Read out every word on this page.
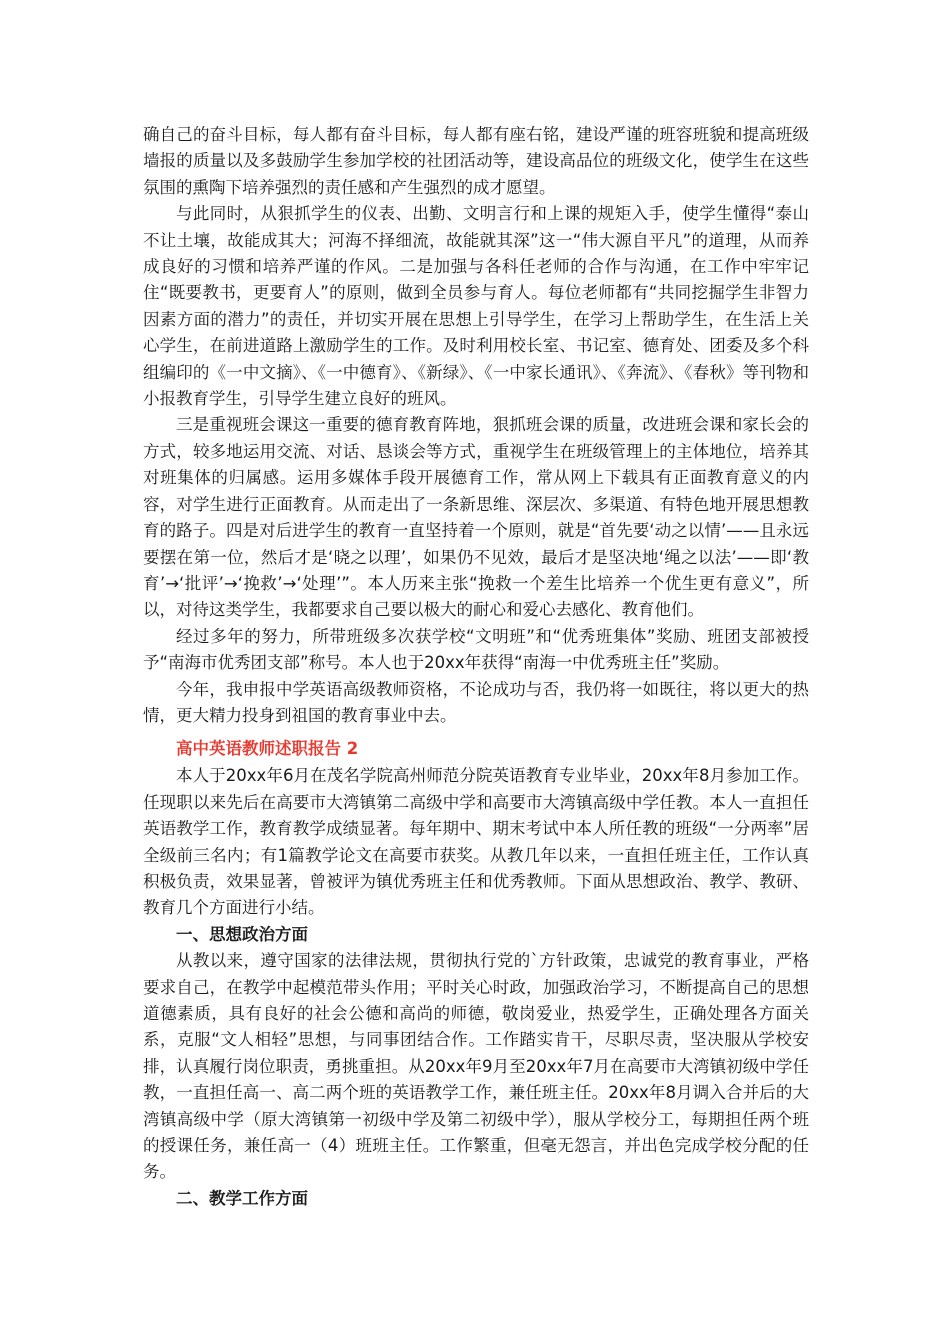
确自己的奋斗目标，每人都有奋斗目标，每人都有座右铭，建设严谨的班容班貌和提高班级墙报的质量以及多鼓励学生参加学校的社团活动等，建设高品位的班级文化，使学生在这些氛围的熏陶下培养强烈的责任感和产生强烈的成才愿望。

与此同时，从狠抓学生的仪表、出勤、文明言行和上课的规矩入手，使学生懂得“泰山不让土壤，故能成其大；河海不择细流，故能就其深”这一“伟大源自平凡”的道理，从而养成良好的习惯和培养严谨的作风。二是加强与各科任老师的合作与沟通，在工作中牢牢记住“既要教书，更要育人”的原则，做到全员参与育人。每位老师都有“共同挖掘学生非智力因素方面的潜力”的责任，并切实开展在思想上引导学生，在学习上帮助学生，在生活上关心学生，在前进道路上激励学生的工作。及时利用校长室、书记室、德育处、团委及多个科组编印的《一中文摘》、《一中德育》、《新绿》、《一中家长通讯》、《奔流》、《春秋》等刊物和小报教育学生，引导学生建立良好的班风。

三是重视班会课这一重要的德育教育阵地，狠抓班会课的质量，改进班会课和家长会的方式，较多地运用交流、对话、恳谈会等方式，重视学生在班级管理上的主体地位，培养其对班集体的归属感。运用多媒体手段开展德育工作，常从网上下载具有正面教育意义的内容，对学生进行正面教育。从而走出了一条新思维、深层次、多渠道、有特色地开展思想教育的路子。四是对后进学生的教育一直坚持着一个原则，就是“首先要‘动之以情’——且永远要摆在第一位，然后才是‘晓之以理’，如果仍不见效，最后才是坚决地‘绳之以法’——即‘教育’→‘批评’→‘挽救’→‘处理’”。本人历来主张“挽救一个差生比培养一个优生更有意义”，所以，对待这类学生，我都要求自己要以极大的耐心和爱心去感化、教育他们。

经过多年的努力，所带班级多次获学校“文明班”和“优秀班集体”奖励、班团支部被授予“南海市优秀团支部”称号。本人也于20xx年获得“南海一中优秀班主任”奖励。

今年，我申报中学英语高级教师资格，不论成功与否，我仍将一如既往，将以更大的热情，更大精力投身到祖国的教育事业中去。

高中英语教师述职报告 2

本人于20xx年6月在茂名学院高州师范分院英语教育专业毕业，20xx年8月参加工作。任现职以来先后在高要市大湾镇第二高级中学和高要市大湾镇高级中学任教。本人一直担任英语教学工作，教育教学成绩显著。每年期中、期末考试中本人所任教的班级“一分两率”居全级前三名内；有1篇教学论文在高要市获奖。从教几年以来，一直担任班主任，工作认真积极负责，效果显著，曾被评为镇优秀班主任和优秀教师。下面从思想政治、教学、教研、教育几个方面进行小结。

一、思想政治方面

从教以来，遵守国家的法律法规，贯彻执行党的`方针政策，忠诚党的教育事业，严格要求自己，在教学中起模范带头作用；平时关心时政，加强政治学习，不断提高自己的思想道德素质，具有良好的社会公德和高尚的师德，敬岗爱业，热爱学生，正确处理各方面关系，克服“文人相轻”思想，与同事团结合作。工作踏实肯干，尽职尽责，坚决服从学校安排，认真履行岗位职责，勇挑重担。从20xx年9月至20xx年7月在高要市大湾镇初级中学任教，一直担任高一、高二两个班的英语教学工作，兼任班主任。20xx年8月调入合并后的大湾镇高级中学（原大湾镇第一初级中学及第二初级中学），服从学校分工，每期担任两个班的授课任务，兼任高一（4）班班主任。工作繁重，但毫无怨言，并出色完成学校分配的任务。

二、教学工作方面
